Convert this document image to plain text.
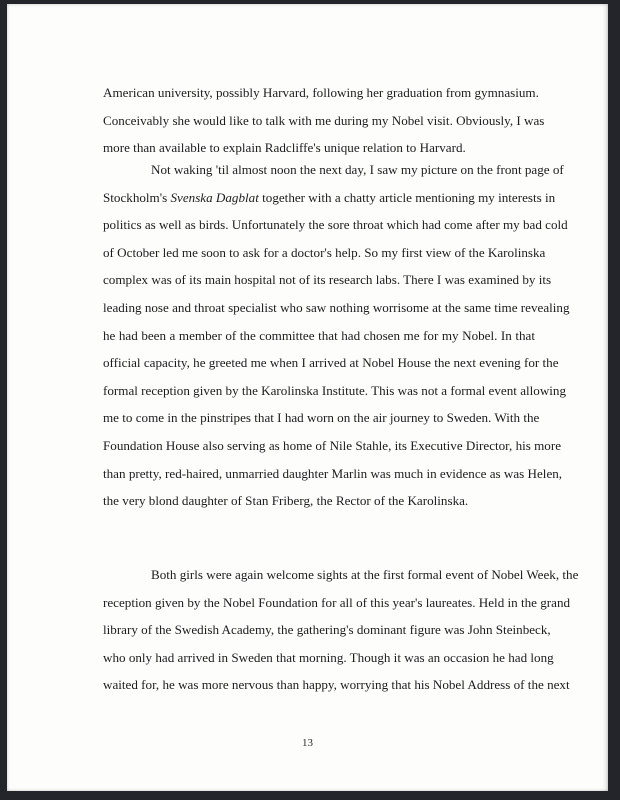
American university, possibly Harvard, following her graduation from gymnasium.
Conceivably she would like to talk with me during my Nobel visit. Obviously, I was
more than available to explain Radcliffe's unique relation to Harvard.
Not waking 'til almost noon the next day, I saw my picture on the front page of
Stockholm's Svenska Dagblat together with a chatty article mentioning my interests in
politics as well as birds. Unfortunately the sore throat which had come after my bad cold
of October led me soon to ask for a doctor's help. So my first view of the Karolinska
complex was of its main hospital not of its research labs. There I was examined by its
leading nose and throat specialist who saw nothing worrisome at the same time revealing
he had been a member of the committee that had chosen me for my Nobel. In that
official capacity, he greeted me when I arrived at Nobel House the next evening for the
formal reception given by the Karolinska Institute. This was not a formal event allowing
me to come in the pinstripes that I had worn on the air journey to Sweden. With the
Foundation House also serving as home of Nile Stahle, its Executive Director, his more
than pretty, red-haired, unmarried daughter Marlin was much in evidence as was Helen,
the very blond daughter of Stan Friberg, the Rector of the Karolinska.
Both girls were again welcome sights at the first formal event of Nobel Week, the
reception given by the Nobel Foundation for all of this year's laureates. Held in the grand
library of the Swedish Academy, the gathering's dominant figure was John Steinbeck,
who only had arrived in Sweden that morning. Though it was an occasion he had long
waited for, he was more nervous than happy, worrying that his Nobel Address of the next
13
